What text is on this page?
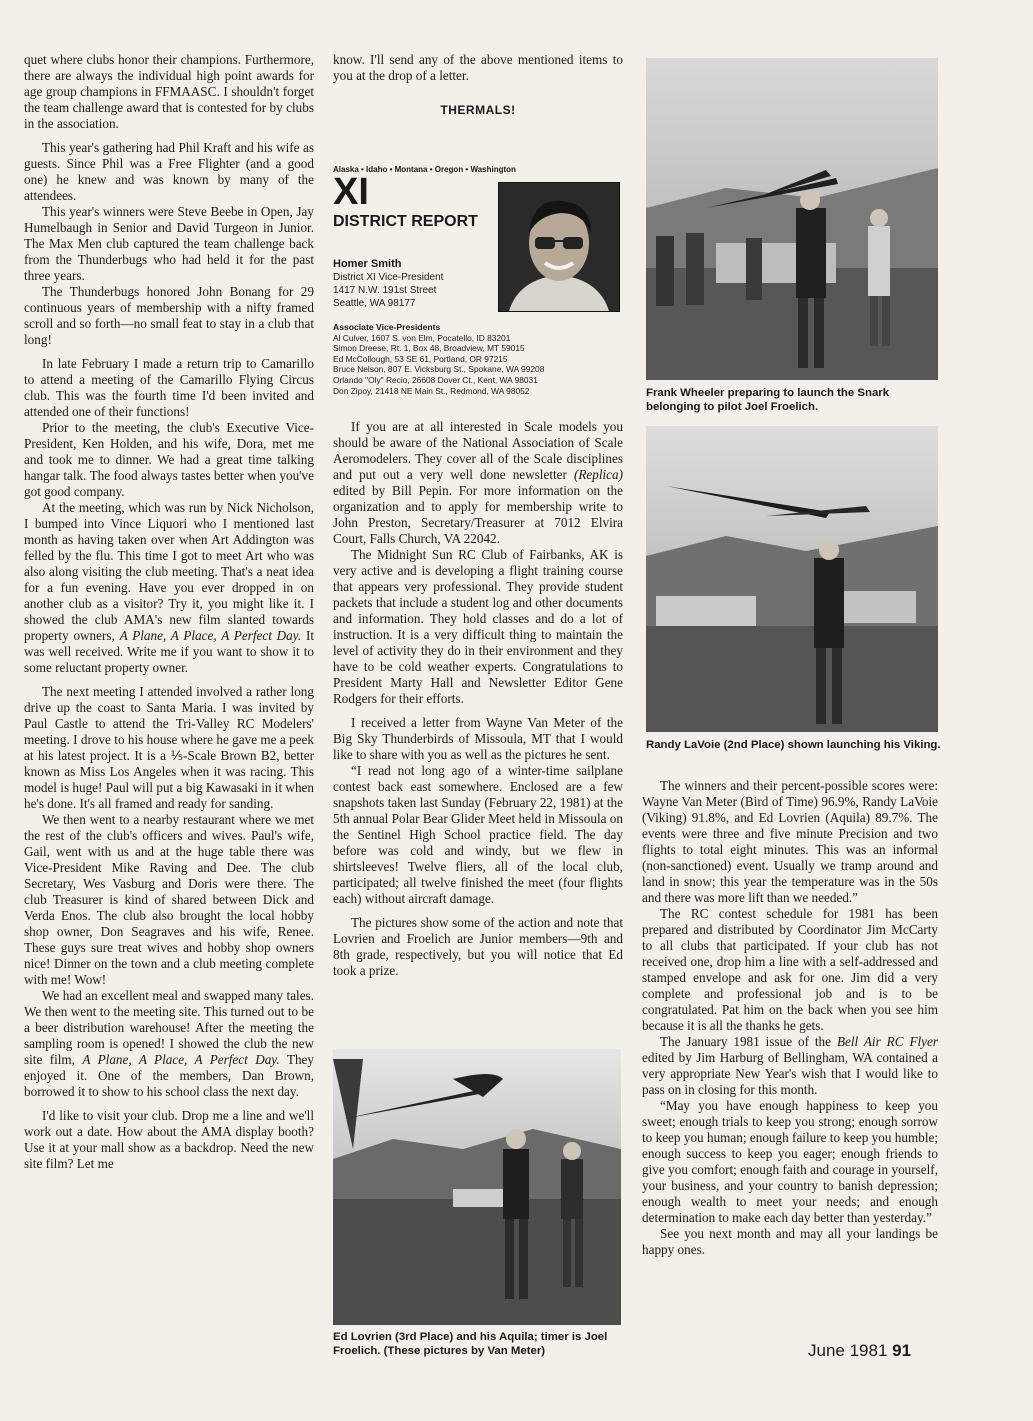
quet where clubs honor their champions. Furthermore, there are always the individual high point awards for age group champions in FFMAASC. I shouldn't forget the team challenge award that is contested for by clubs in the association.

This year's gathering had Phil Kraft and his wife as guests. Since Phil was a Free Flighter (and a good one) he knew and was known by many of the attendees.

This year's winners were Steve Beebe in Open, Jay Humelbaugh in Senior and David Turgeon in Junior. The Max Men club captured the team challenge back from the Thunderbugs who had held it for the past three years.

The Thunderbugs honored John Bonang for 29 continuous years of membership with a nifty framed scroll and so forth—no small feat to stay in a club that long!

In late February I made a return trip to Camarillo to attend a meeting of the Camarillo Flying Circus club. This was the fourth time I'd been invited and attended one of their functions!

Prior to the meeting, the club's Executive Vice-President, Ken Holden, and his wife, Dora, met me and took me to dinner. We had a great time talking hangar talk. The food always tastes better when you've got good company.

At the meeting, which was run by Nick Nicholson, I bumped into Vince Liquori who I mentioned last month as having taken over when Art Addington was felled by the flu. This time I got to meet Art who was also along visiting the club meeting. That's a neat idea for a fun evening. Have you ever dropped in on another club as a visitor? Try it, you might like it. I showed the club AMA's new film slanted towards property owners, A Plane, A Place, A Perfect Day. It was well received. Write me if you want to show it to some reluctant property owner.

The next meeting I attended involved a rather long drive up the coast to Santa Maria. I was invited by Paul Castle to attend the Tri-Valley RC Modelers' meeting. I drove to his house where he gave me a peek at his latest project. It is a ⅕-Scale Brown B2, better known as Miss Los Angeles when it was racing. This model is huge! Paul will put a big Kawasaki in it when he's done. It's all framed and ready for sanding.

We then went to a nearby restaurant where we met the rest of the club's officers and wives. Paul's wife, Gail, went with us and at the huge table there was Vice-President Mike Raving and Dee. The club Secretary, Wes Vasburg and Doris were there. The club Treasurer is kind of shared between Dick and Verda Enos. The club also brought the local hobby shop owner, Don Seagraves and his wife, Renee. These guys sure treat wives and hobby shop owners nice! Dinner on the town and a club meeting complete with me! Wow!

We had an excellent meal and swapped many tales. We then went to the meeting site. This turned out to be a beer distribution warehouse! After the meeting the sampling room is opened! I showed the club the new site film, A Plane, A Place, A Perfect Day. They enjoyed it. One of the members, Dan Brown, borrowed it to show to his school class the next day.

I'd like to visit your club. Drop me a line and we'll work out a date. How about the AMA display booth? Use it at your mall show as a backdrop. Need the new site film? Let me

know. I'll send any of the above mentioned items to you at the drop of a letter.

THERMALS!

Alaska • Idaho • Montana • Oregon • Washington
XI
DISTRICT REPORT
Homer Smith
District XI Vice-President
1417 N.W. 191st Street
Seattle, WA 98177
Associate Vice-Presidents
Al Culver, 1607 S. von Elm, Pocatello, ID 83201
Simon Dreese, Rt. 1, Box 48, Broadview, MT 59015
Ed McCollough, 53 SE 61, Portland, OR 97215
Bruce Nelson, 807 E. Vicksburg St., Spokane, WA 99208
Orlando "Oly" Recio, 26608 Dover Ct., Kent, WA 98031
Don Zipoy, 21418 NE Main St., Redmond, WA 98052

If you are at all interested in Scale models you should be aware of the National Association of Scale Aeromodelers. They cover all of the Scale disciplines and put out a very well done newsletter (Replica) edited by Bill Pepin. For more information on the organization and to apply for membership write to John Preston, Secretary/Treasurer at 7012 Elvira Court, Falls Church, VA 22042.

The Midnight Sun RC Club of Fairbanks, AK is very active and is developing a flight training course that appears very professional. They provide student packets that include a student log and other documents and information. They hold classes and do a lot of instruction. It is a very difficult thing to maintain the level of activity they do in their environment and they have to be cold weather experts. Congratulations to President Marty Hall and Newsletter Editor Gene Rodgers for their efforts.

I received a letter from Wayne Van Meter of the Big Sky Thunderbirds of Missoula, MT that I would like to share with you as well as the pictures he sent.

“I read not long ago of a winter-time sailplane contest back east somewhere. Enclosed are a few snapshots taken last Sunday (February 22, 1981) at the 5th annual Polar Bear Glider Meet held in Missoula on the Sentinel High School practice field. The day before was cold and windy, but we flew in shirtsleeves! Twelve fliers, all of the local club, participated; all twelve finished the meet (four flights each) without aircraft damage.

The pictures show some of the action and note that Lovrien and Froelich are Junior members—9th and 8th grade, respectively, but you will notice that Ed took a prize.

Ed Lovrien (3rd Place) and his Aquila; timer is Joel Froelich. (These pictures by Van Meter)
Frank Wheeler preparing to launch the Snark belonging to pilot Joel Froelich.
Randy LaVoie (2nd Place) shown launching his Viking.

The winners and their percent-possible scores were: Wayne Van Meter (Bird of Time) 96.9%, Randy LaVoie (Viking) 91.8%, and Ed Lovrien (Aquila) 89.7%. The events were three and five minute Precision and two flights to total eight minutes. This was an informal (non-sanctioned) event. Usually we tramp around and land in snow; this year the temperature was in the 50s and there was more lift than we needed.”

The RC contest schedule for 1981 has been prepared and distributed by Coordinator Jim McCarty to all clubs that participated. If your club has not received one, drop him a line with a self-addressed and stamped envelope and ask for one. Jim did a very complete and professional job and is to be congratulated. Pat him on the back when you see him because it is all the thanks he gets.

The January 1981 issue of the Bell Air RC Flyer edited by Jim Harburg of Bellingham, WA contained a very appropriate New Year's wish that I would like to pass on in closing for this month.

“May you have enough happiness to keep you sweet; enough trials to keep you strong; enough sorrow to keep you human; enough failure to keep you humble; enough success to keep you eager; enough friends to give you comfort; enough faith and courage in yourself, your business, and your country to banish depression; enough wealth to meet your needs; and enough determination to make each day better than yesterday.”

See you next month and may all your landings be happy ones.

June 1981 91
